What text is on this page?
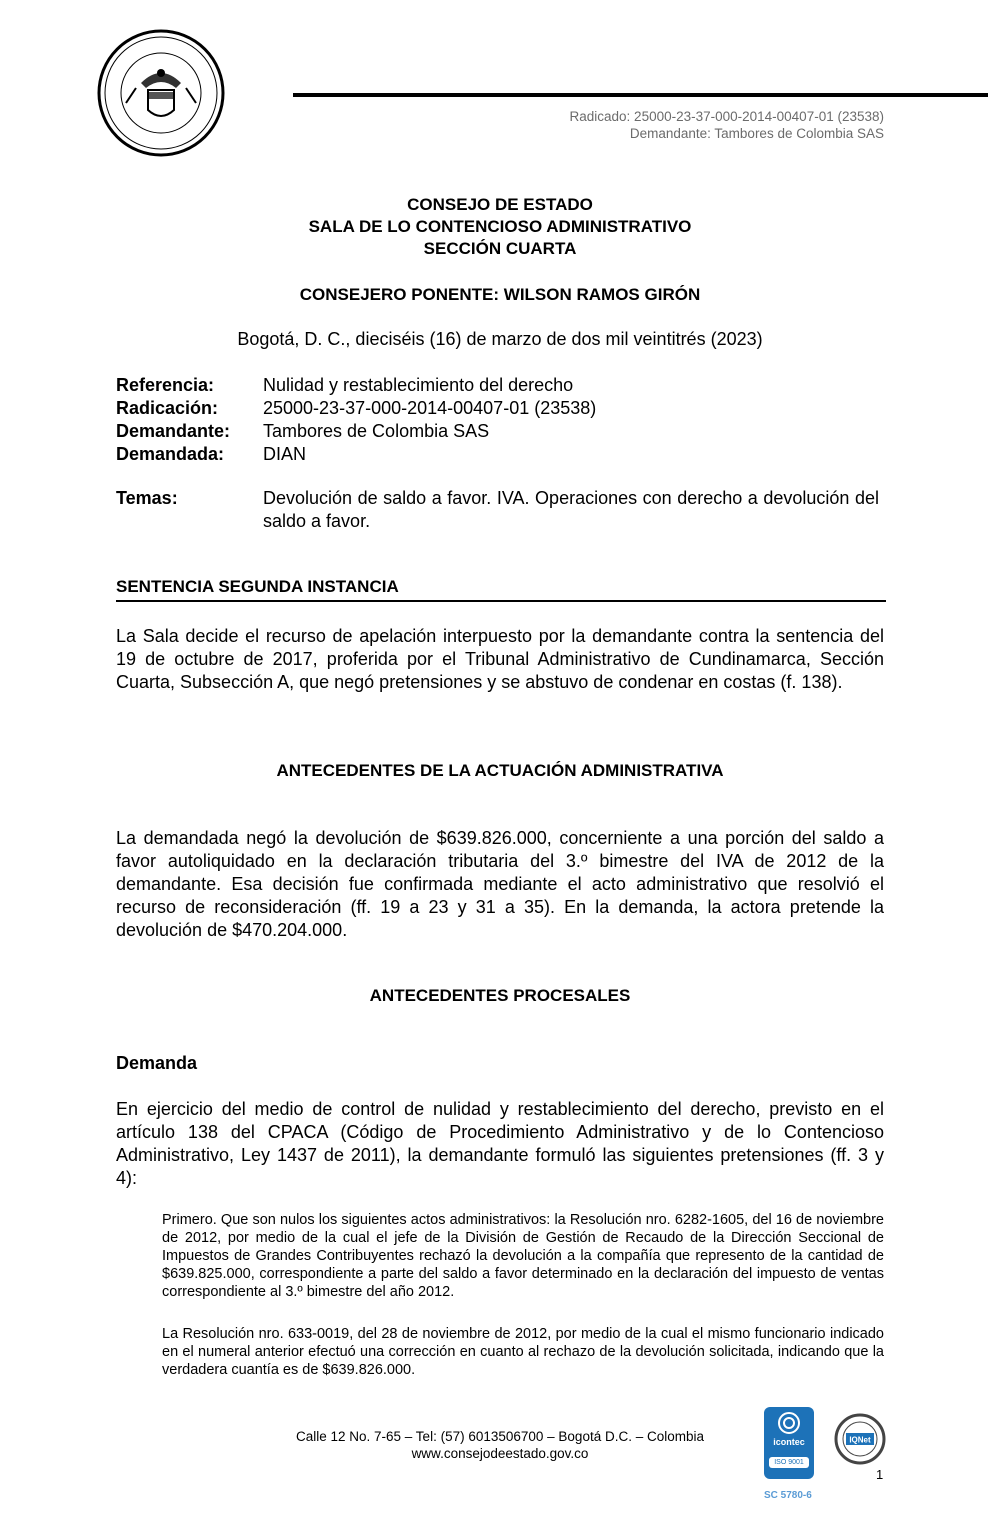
Radicado: 25000-23-37-000-2014-00407-01 (23538)
Demandante: Tambores de Colombia SAS
CONSEJO DE ESTADO
SALA DE LO CONTENCIOSO ADMINISTRATIVO
SECCIÓN CUARTA
CONSEJERO PONENTE: WILSON RAMOS GIRÓN
Bogotá, D. C., dieciséis (16) de marzo de dos mil veintitrés (2023)
Referencia:	Nulidad y restablecimiento del derecho
Radicación:	25000-23-37-000-2014-00407-01 (23538)
Demandante:	Tambores de Colombia SAS
Demandada:	DIAN
Temas:	Devolución de saldo a favor. IVA. Operaciones con derecho a devolución del saldo a favor.
SENTENCIA SEGUNDA INSTANCIA
La Sala decide el recurso de apelación interpuesto por la demandante contra la sentencia del 19 de octubre de 2017, proferida por el Tribunal Administrativo de Cundinamarca, Sección Cuarta, Subsección A, que negó pretensiones y se abstuvo de condenar en costas (f. 138).
ANTECEDENTES DE LA ACTUACIÓN ADMINISTRATIVA
La demandada negó la devolución de $639.826.000, concerniente a una porción del saldo a favor autoliquidado en la declaración tributaria del 3.º bimestre del IVA de 2012 de la demandante. Esa decisión fue confirmada mediante el acto administrativo que resolvió el recurso de reconsideración (ff. 19 a 23 y 31 a 35). En la demanda, la actora pretende la devolución de $470.204.000.
ANTECEDENTES PROCESALES
Demanda
En ejercicio del medio de control de nulidad y restablecimiento del derecho, previsto en el artículo 138 del CPACA (Código de Procedimiento Administrativo y de lo Contencioso Administrativo, Ley 1437 de 2011), la demandante formuló las siguientes pretensiones (ff. 3 y 4):
Primero. Que son nulos los siguientes actos administrativos: la Resolución nro. 6282-1605, del 16 de noviembre de 2012, por medio de la cual el jefe de la División de Gestión de Recaudo de la Dirección Seccional de Impuestos de Grandes Contribuyentes rechazó la devolución a la compañía que represento de la cantidad de $639.825.000, correspondiente a parte del saldo a favor determinado en la declaración del impuesto de ventas correspondiente al 3.º bimestre del año 2012.
La Resolución nro. 633-0019, del 28 de noviembre de 2012, por medio de la cual el mismo funcionario indicado en el numeral anterior efectuó una corrección en cuanto al rechazo de la devolución solicitada, indicando que la verdadera cuantía es de $639.826.000.
Calle 12 No. 7-65 – Tel: (57) 6013506700 – Bogotá D.C. – Colombia
www.consejodeestado.gov.co
icontec
ISO 9001
IQNet
1
SC 5780-6
